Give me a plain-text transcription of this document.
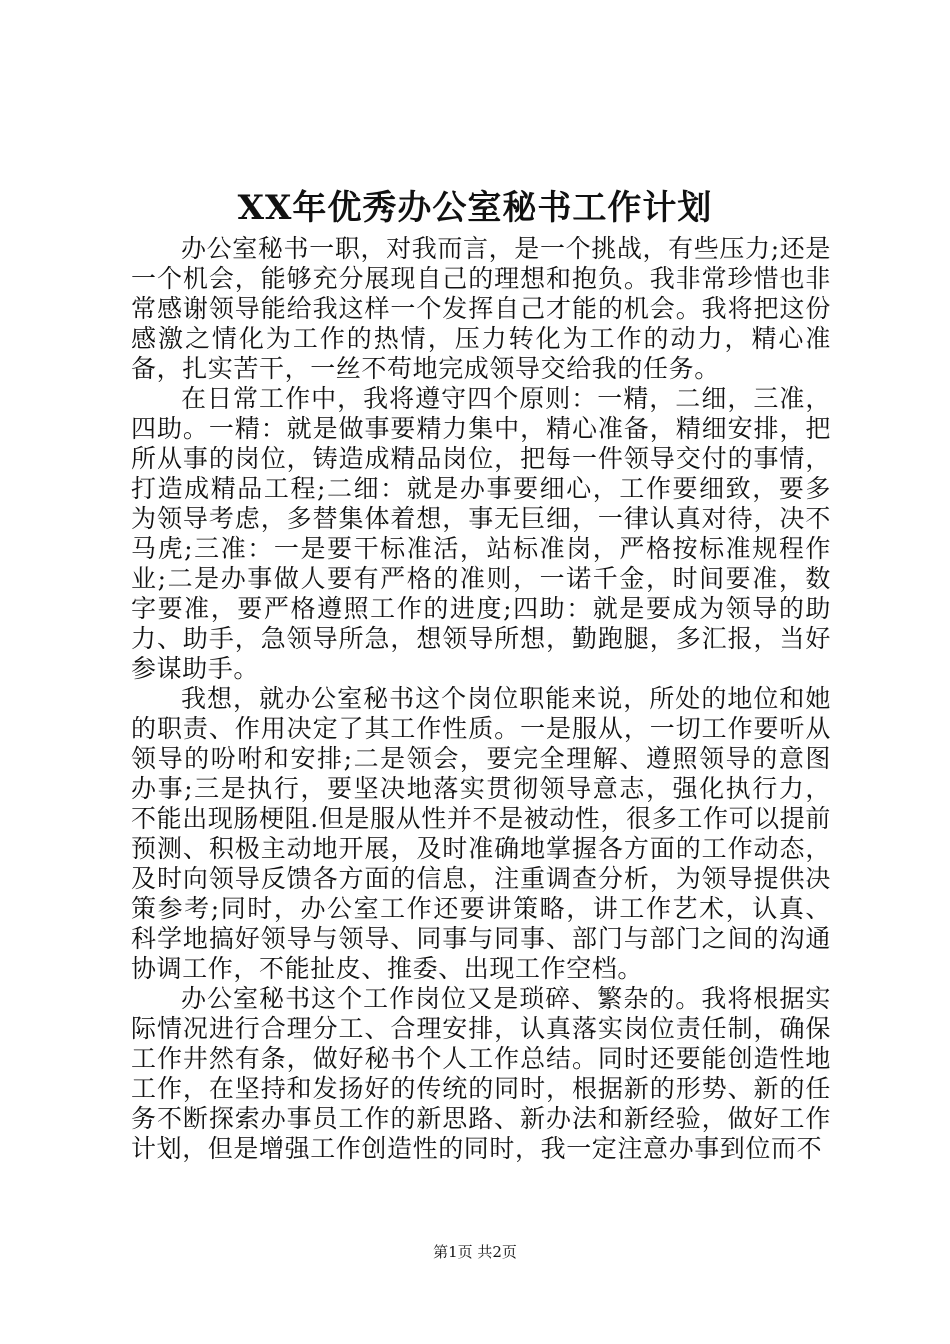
XX年优秀办公室秘书工作计划

办公室秘书一职，对我而言，是一个挑战，有些压力;还是一个机会，能够充分展现自己的理想和抱负。我非常珍惜也非常感谢领导能给我这样一个发挥自己才能的机会。我将把这份感激之情化为工作的热情，压力转化为工作的动力，精心准备，扎实苦干，一丝不苟地完成领导交给我的任务。

在日常工作中，我将遵守四个原则：一精，二细，三准，四助。一精：就是做事要精力集中，精心准备，精细安排，把所从事的岗位，铸造成精品岗位，把每一件领导交付的事情，打造成精品工程;二细：就是办事要细心，工作要细致，要多为领导考虑，多替集体着想，事无巨细，一律认真对待，决不马虎;三准：一是要干标准活，站标准岗，严格按标准规程作业;二是办事做人要有严格的准则，一诺千金，时间要准，数字要准，要严格遵照工作的进度;四助：就是要成为领导的助力、助手，急领导所急，想领导所想，勤跑腿，多汇报，当好参谋助手。

我想，就办公室秘书这个岗位职能来说，所处的地位和她的职责、作用决定了其工作性质。一是服从，一切工作要听从领导的吩咐和安排;二是领会，要完全理解、遵照领导的意图办事;三是执行，要坚决地落实贯彻领导意志，强化执行力，不能出现肠梗阻.但是服从性并不是被动性，很多工作可以提前预测、积极主动地开展，及时准确地掌握各方面的工作动态，及时向领导反馈各方面的信息，注重调查分析，为领导提供决策参考;同时，办公室工作还要讲策略，讲工作艺术，认真、科学地搞好领导与领导、同事与同事、部门与部门之间的沟通协调工作，不能扯皮、推委、出现工作空档。

办公室秘书这个工作岗位又是琐碎、繁杂的。我将根据实际情况进行合理分工、合理安排，认真落实岗位责任制，确保工作井然有条，做好秘书个人工作总结。同时还要能创造性地工作，在坚持和发扬好的传统的同时，根据新的形势、新的任务不断探索办事员工作的新思路、新办法和新经验，做好工作计划，但是增强工作创造性的同时，我一定注意办事到位而不

第1页 共2页
